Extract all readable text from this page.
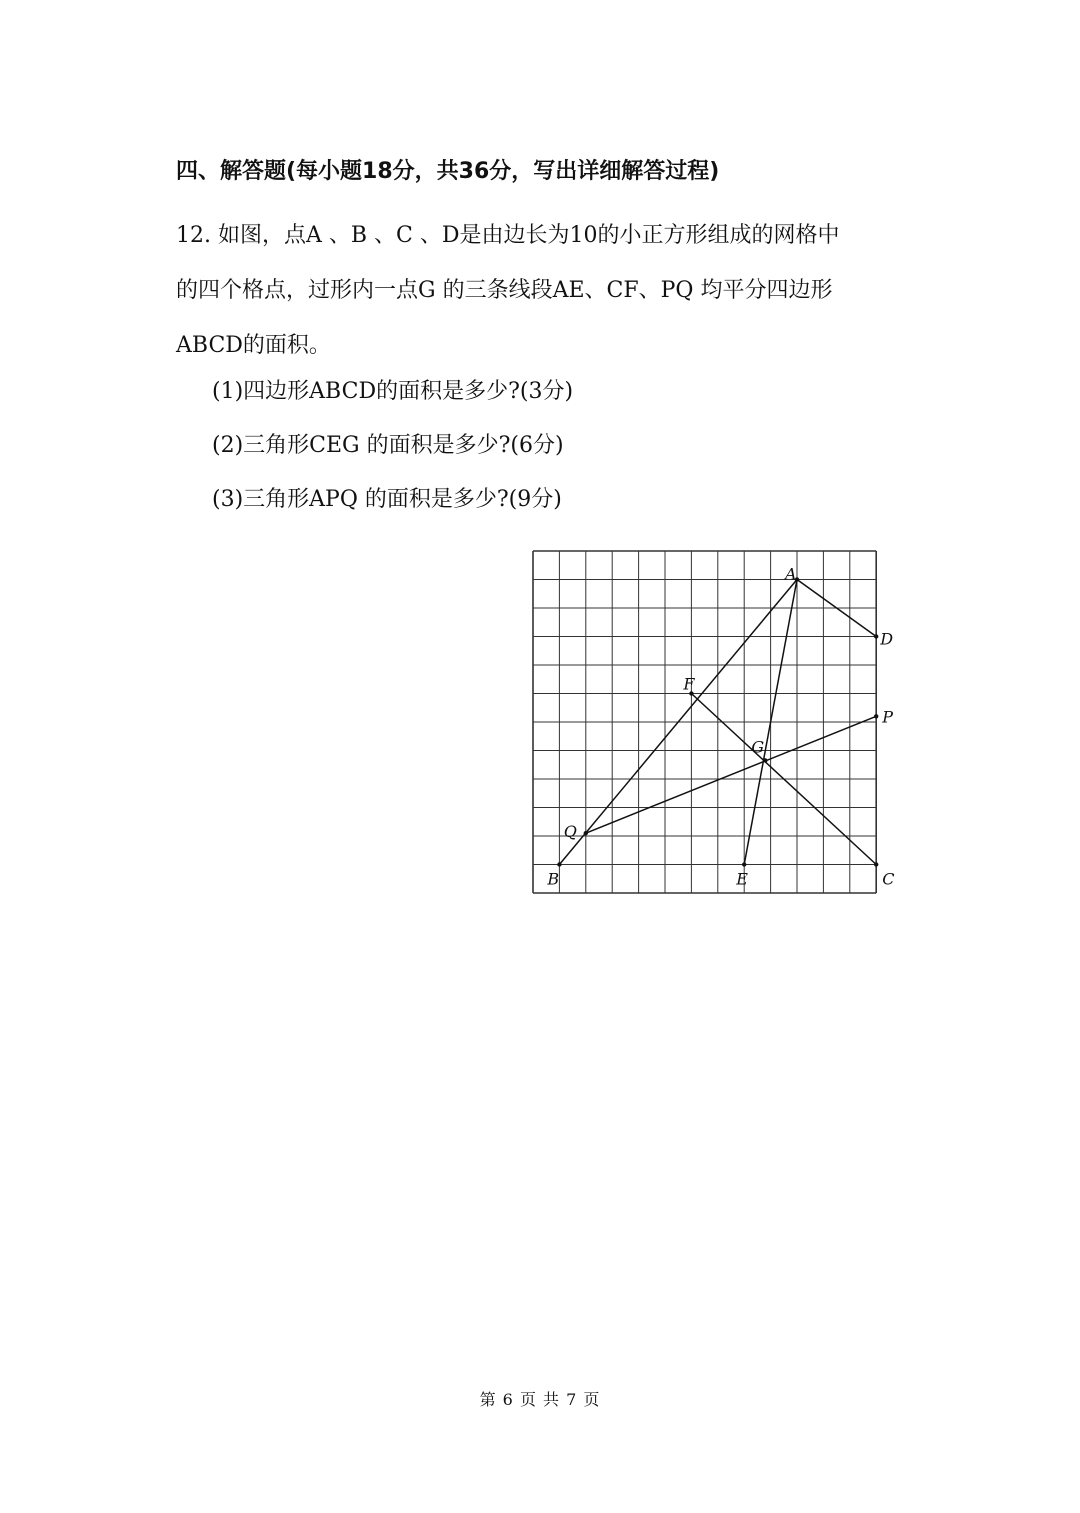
四、解答题(每小题18分，共36分，写出详细解答过程)
12. 如图，点A 、B 、C 、D是由边长为10的小正方形组成的网格中
的四个格点，过形内一点G 的三条线段AE、CF、PQ 均平分四边形
ABCD的面积。
(1)四边形ABCD的面积是多少?(3分)
(2)三角形CEG 的面积是多少?(6分)
(3)三角形APQ 的面积是多少?(9分)
A
B	C
D
E
F
G
P
Q
第 6 页 共 7 页
